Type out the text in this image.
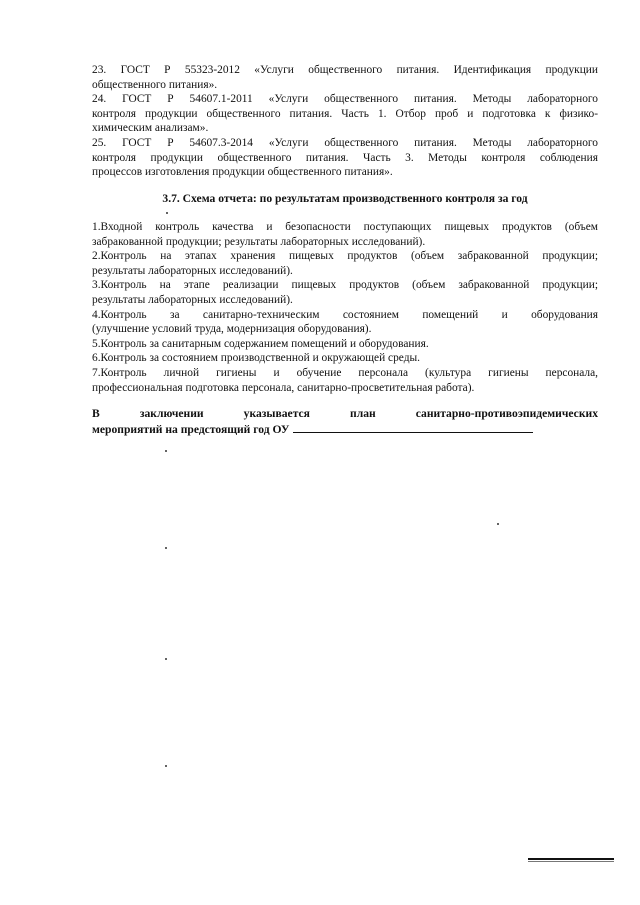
23. ГОСТ Р 55323-2012 «Услуги общественного питания. Идентификация продукции
общественного питания».
24. ГОСТ Р 54607.1-2011 «Услуги общественного питания. Методы лабораторного
контроля продукции общественного питания. Часть 1. Отбор проб и подготовка к физико-
химическим анализам».
25. ГОСТ Р 54607.3-2014 «Услуги общественного питания. Методы лабораторного
контроля продукции общественного питания. Часть 3. Методы контроля соблюдения
процессов изготовления продукции общественного питания».
3.7. Схема отчета: по результатам производственного контроля за год
1.Входной контроль качества и безопасности поступающих пищевых продуктов (объем
забракованной продукции; результаты лабораторных исследований).
2.Контроль на этапах хранения пищевых продуктов (объем забракованной продукции;
результаты лабораторных исследований).
3.Контроль на этапе реализации пищевых продуктов (объем забракованной продукции;
результаты лабораторных исследований).
4.Контроль за санитарно-техническим состоянием помещений и оборудования
(улучшение условий труда, модернизация оборудования).
5.Контроль за санитарным содержанием помещений и оборудования.
6.Контроль за состоянием производственной и окружающей среды.
7.Контроль личной гигиены и обучение персонала (культура гигиены персонала,
профессиональная подготовка персонала, санитарно-просветительная работа).
В заключении указывается план санитарно-противоэпидемических
мероприятий на предстоящий год ОУ
